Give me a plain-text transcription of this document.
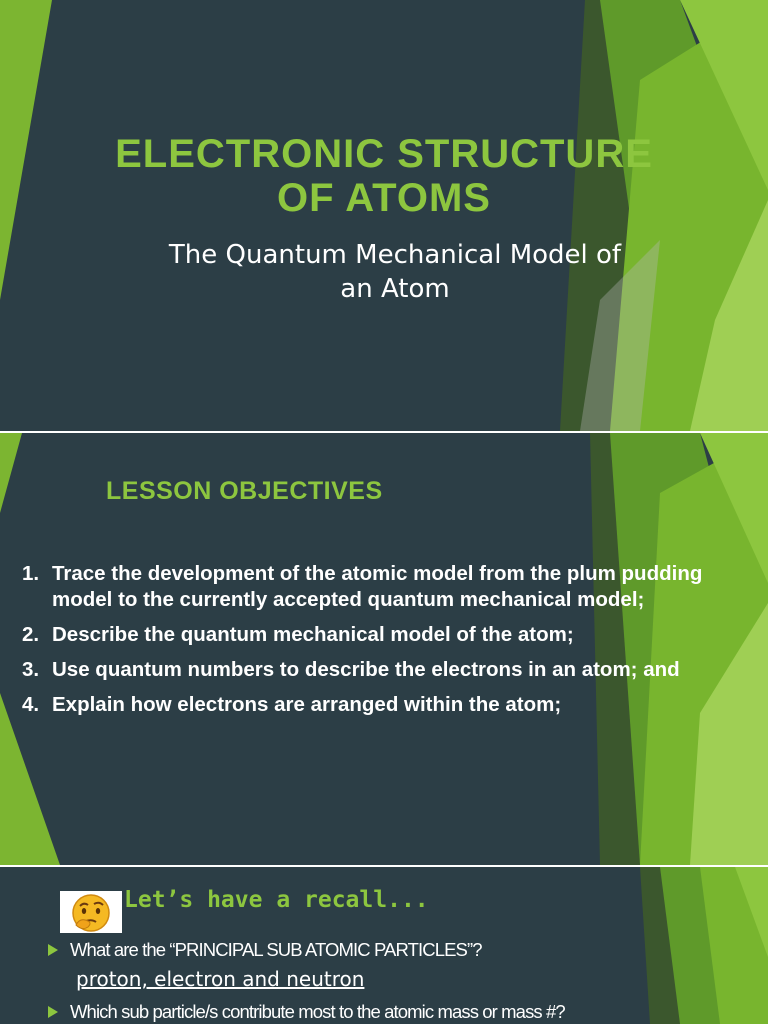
ELECTRONIC STRUCTURE
OF ATOMS

The Quantum Mechanical Model of
an Atom

LESSON OBJECTIVES
1. Trace the development of the atomic model from the plum pudding model to the currently accepted quantum mechanical model;
2. Describe the quantum mechanical model of the atom;
3. Use quantum numbers to describe the electrons in an atom; and
4. Explain how electrons are arranged within the atom;
Let’s have a recall...
What are the “PRINCIPAL SUB ATOMIC PARTICLES”?

proton, electron and neutron

Which sub particle/s contribute most to the atomic mass or mass #?
